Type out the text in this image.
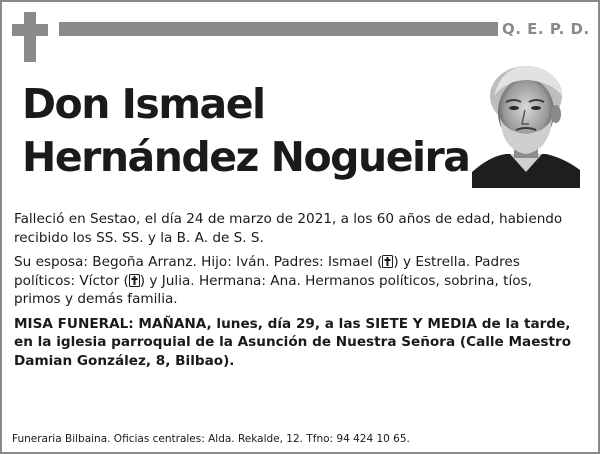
Q. E. P. D.
Don Ismael
Hernández Nogueira

Falleció en Sestao, el día 24 de marzo de 2021, a los 60 años de edad, habiendo recibido los SS. SS. y la B. A. de S. S.

Su esposa: Begoña Arranz. Hijo: Iván. Padres: Ismael ( ) y Estrella. Padres políticos: Víctor ( ) y Julia. Hermana: Ana. Hermanos políticos, sobrina, tíos, primos y demás familia.

MISA FUNERAL: MAÑANA, lunes, día 29, a las SIETE Y MEDIA de la tarde, en la iglesia parroquial de la Asunción de Nuestra Señora (Calle Maestro Damian González, 8, Bilbao).

Funeraria Bilbaina. Oficias centrales: Alda. Rekalde, 12. Tfno: 94 424 10 65.
